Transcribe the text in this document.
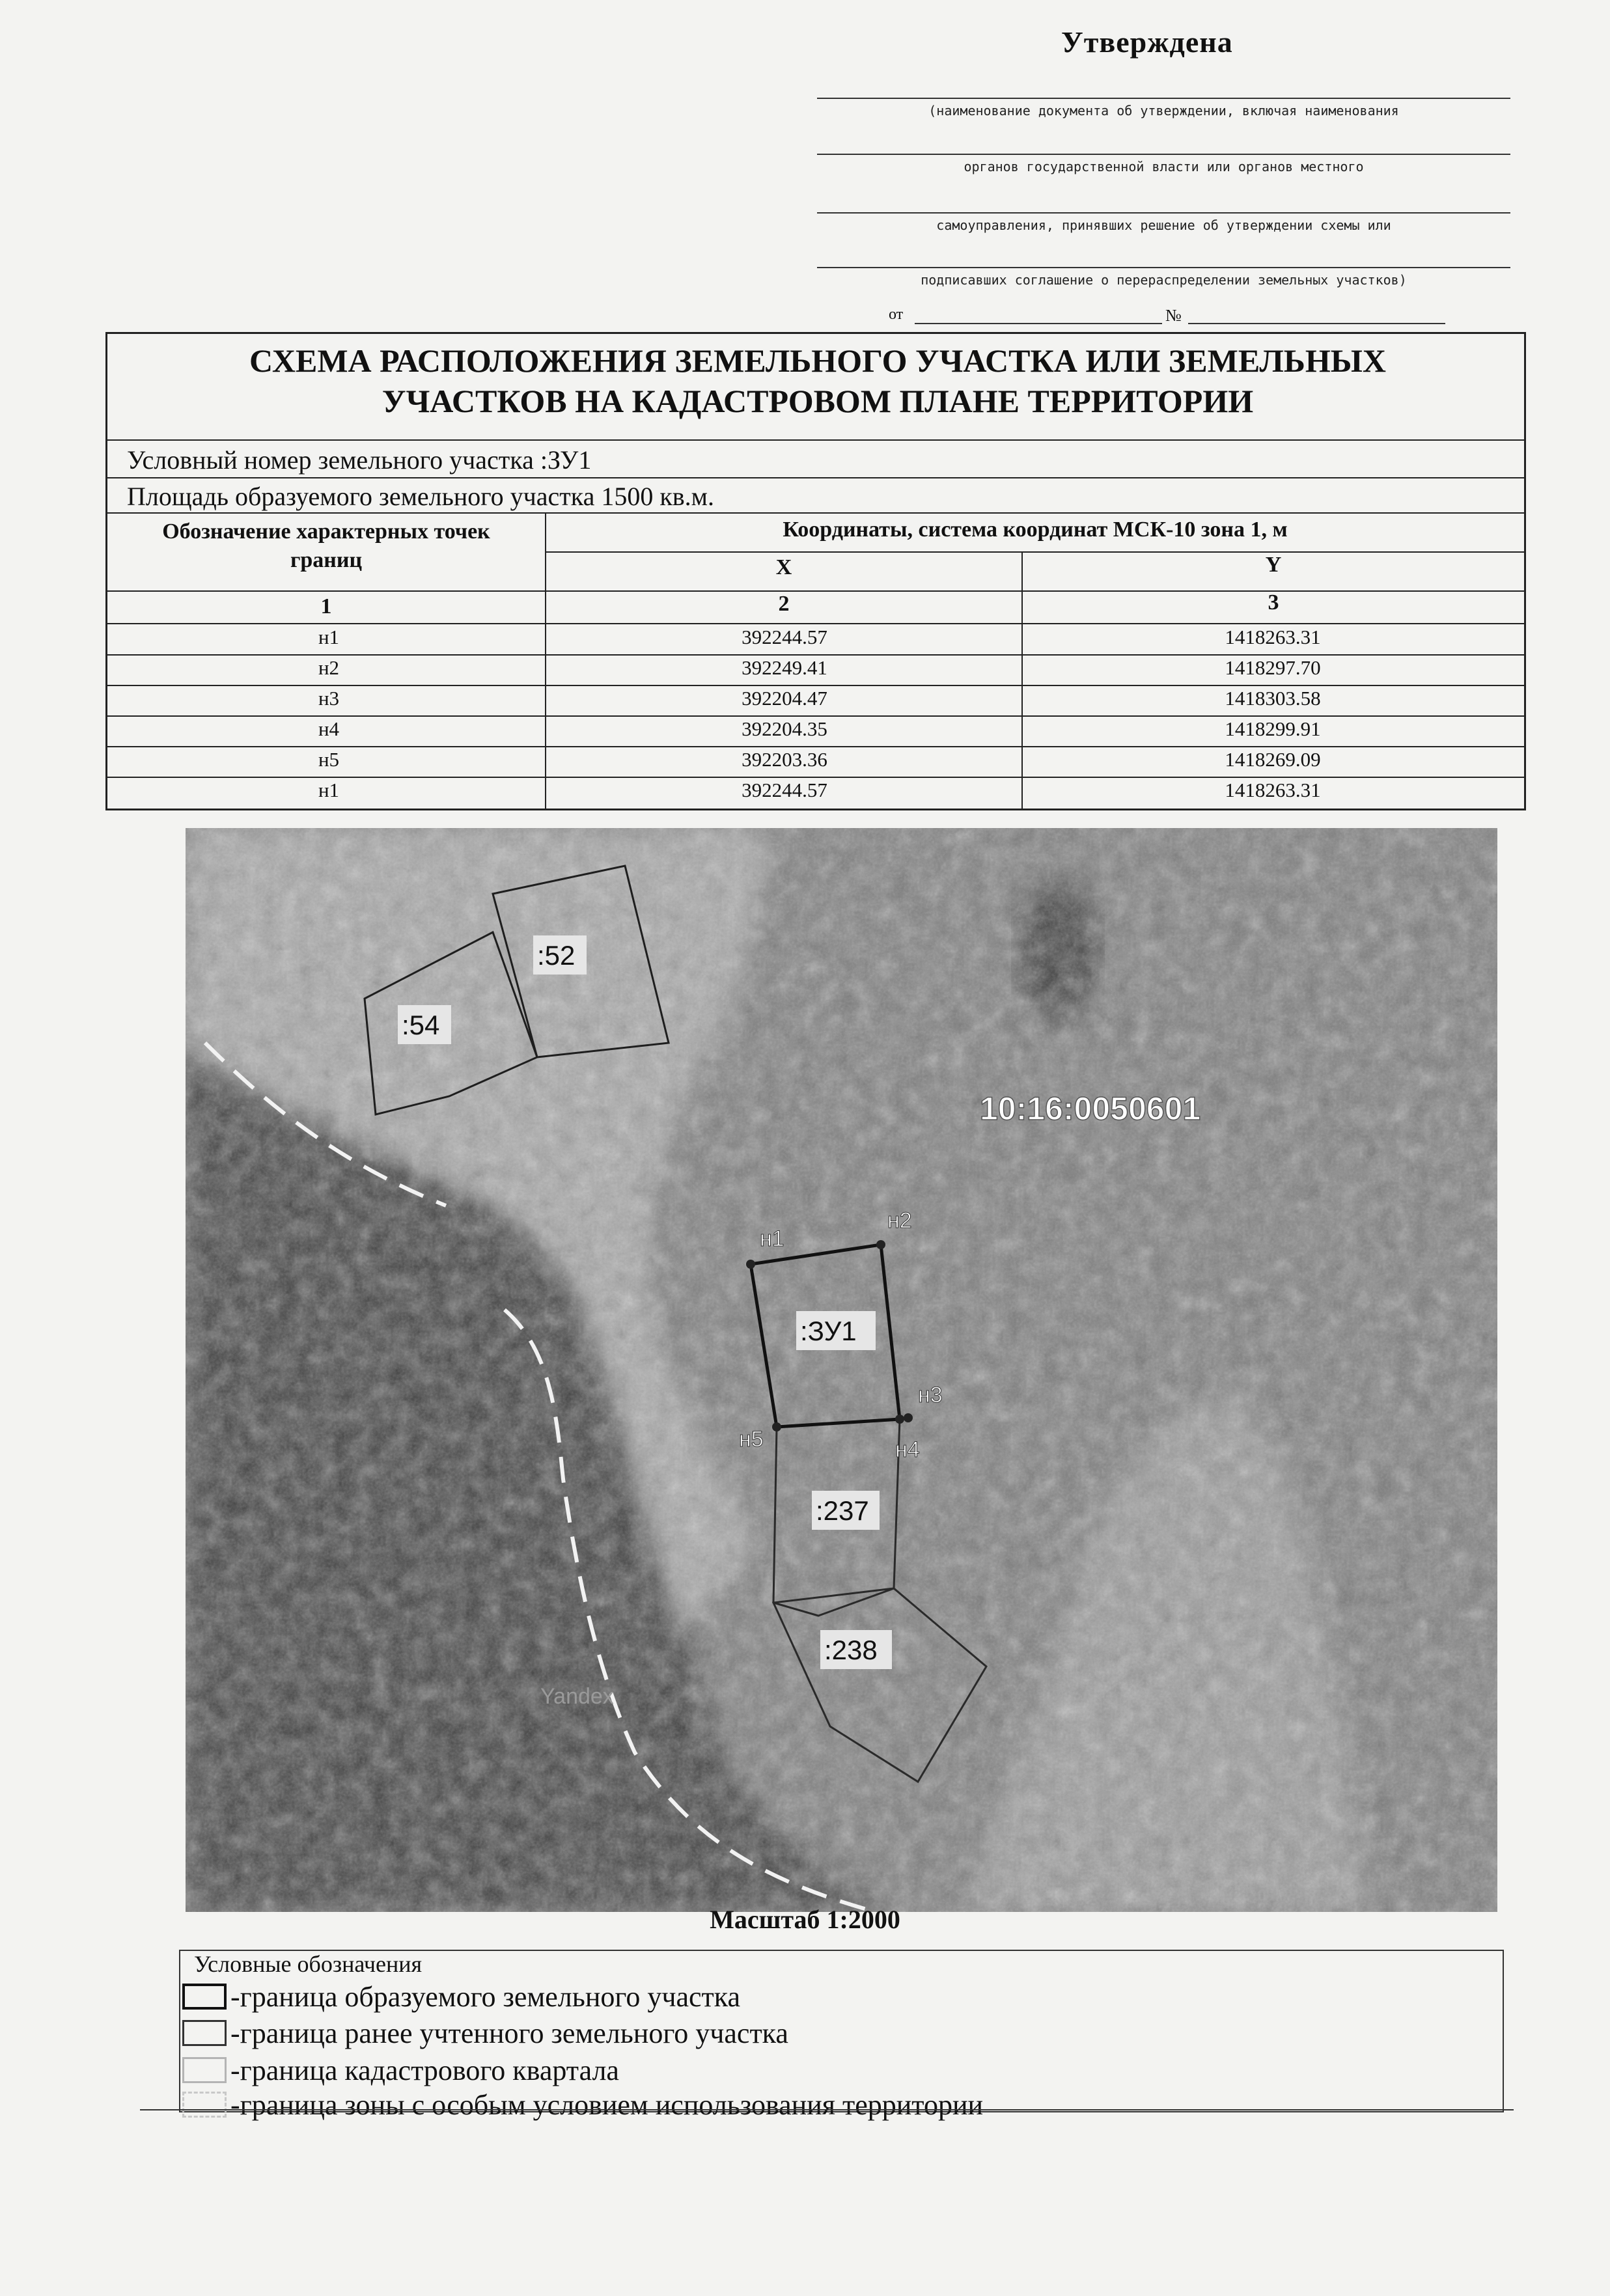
Утверждена
(наименование документа об утверждении, включая наименования
органов государственной власти или органов местного
самоуправления, принявших решение об утверждении схемы или
подписавших соглашение о перераспределении земельных участков)
от	№
СХЕМА РАСПОЛОЖЕНИЯ ЗЕМЕЛЬНОГО УЧАСТКА ИЛИ ЗЕМЕЛЬНЫХ
УЧАСТКОВ НА КАДАСТРОВОМ ПЛАНЕ ТЕРРИТОРИИ
Условный номер земельного участка :ЗУ1
Площадь образуемого земельного участка 1500 кв.м.
Обозначение характерных точек
границ
Координаты, система координат МСК-10 зона 1, м
X	Y
1	2	3
н1	392244.57	1418263.31
н2	392249.41	1418297.70
н3	392204.47	1418303.58
н4	392204.35	1418299.91
н5	392203.36	1418269.09
н1	392244.57	1418263.31
10:16:0050601
:52
:54
:ЗУ1
:237
:238
н1
н2
н3
н4
н5
Yandex
Масштаб 1:2000
Условные обозначения
-граница образуемого земельного участка
-граница ранее учтенного земельного участка
-граница кадастрового квартала
-граница зоны с особым условием использования территории
